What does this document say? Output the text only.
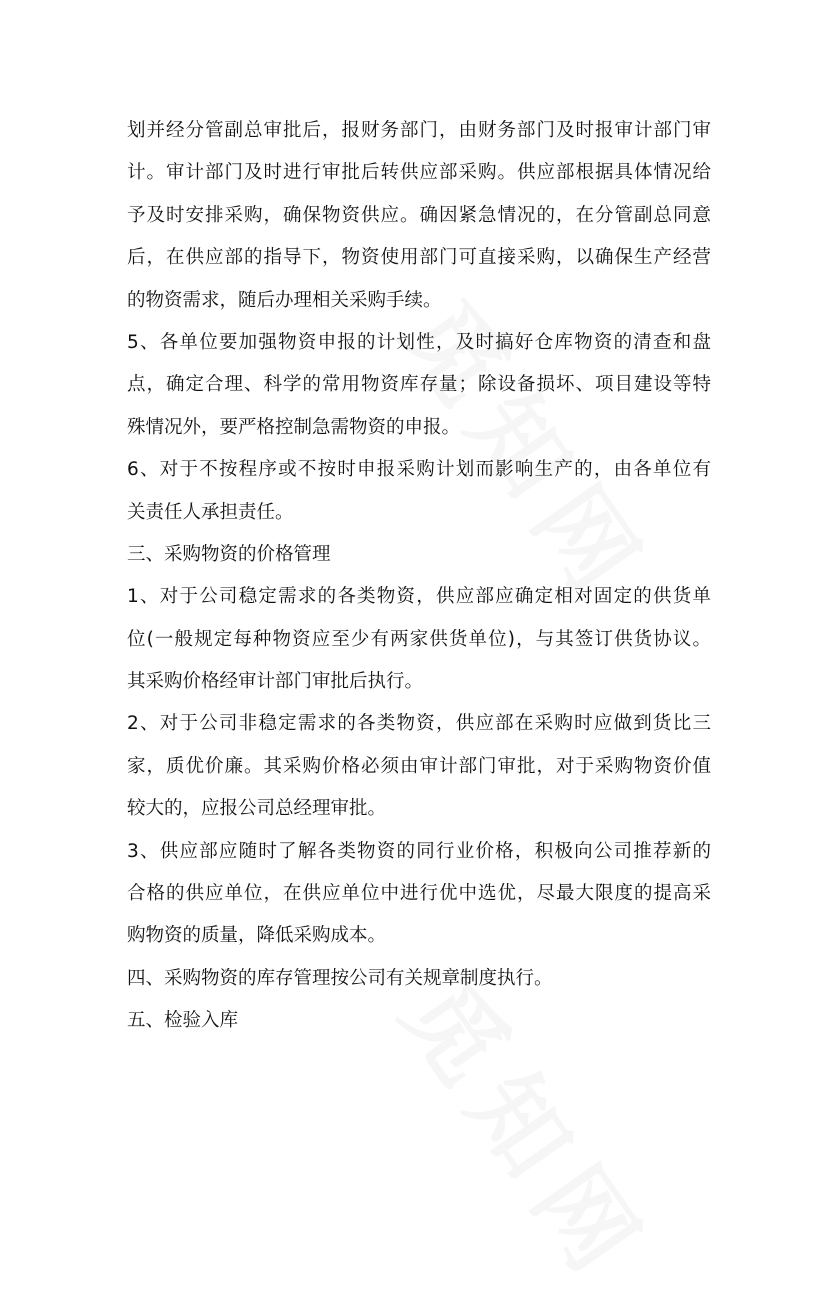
划并经分管副总审批后，报财务部门，由财务部门及时报审计部门审
计。审计部门及时进行审批后转供应部采购。供应部根据具体情况给
予及时安排采购，确保物资供应。确因紧急情况的，在分管副总同意
后，在供应部的指导下，物资使用部门可直接采购，以确保生产经营
的物资需求，随后办理相关采购手续。
5、各单位要加强物资申报的计划性，及时搞好仓库物资的清查和盘
点，确定合理、科学的常用物资库存量；除设备损坏、项目建设等特
殊情况外，要严格控制急需物资的申报。
6、对于不按程序或不按时申报采购计划而影响生产的，由各单位有
关责任人承担责任。
三、采购物资的价格管理
1、对于公司稳定需求的各类物资，供应部应确定相对固定的供货单
位(一般规定每种物资应至少有两家供货单位)，与其签订供货协议。
其采购价格经审计部门审批后执行。
2、对于公司非稳定需求的各类物资，供应部在采购时应做到货比三
家，质优价廉。其采购价格必须由审计部门审批，对于采购物资价值
较大的，应报公司总经理审批。
3、供应部应随时了解各类物资的同行业价格，积极向公司推荐新的
合格的供应单位，在供应单位中进行优中选优，尽最大限度的提高采
购物资的质量，降低采购成本。
四、采购物资的库存管理按公司有关规章制度执行。
五、检验入库
